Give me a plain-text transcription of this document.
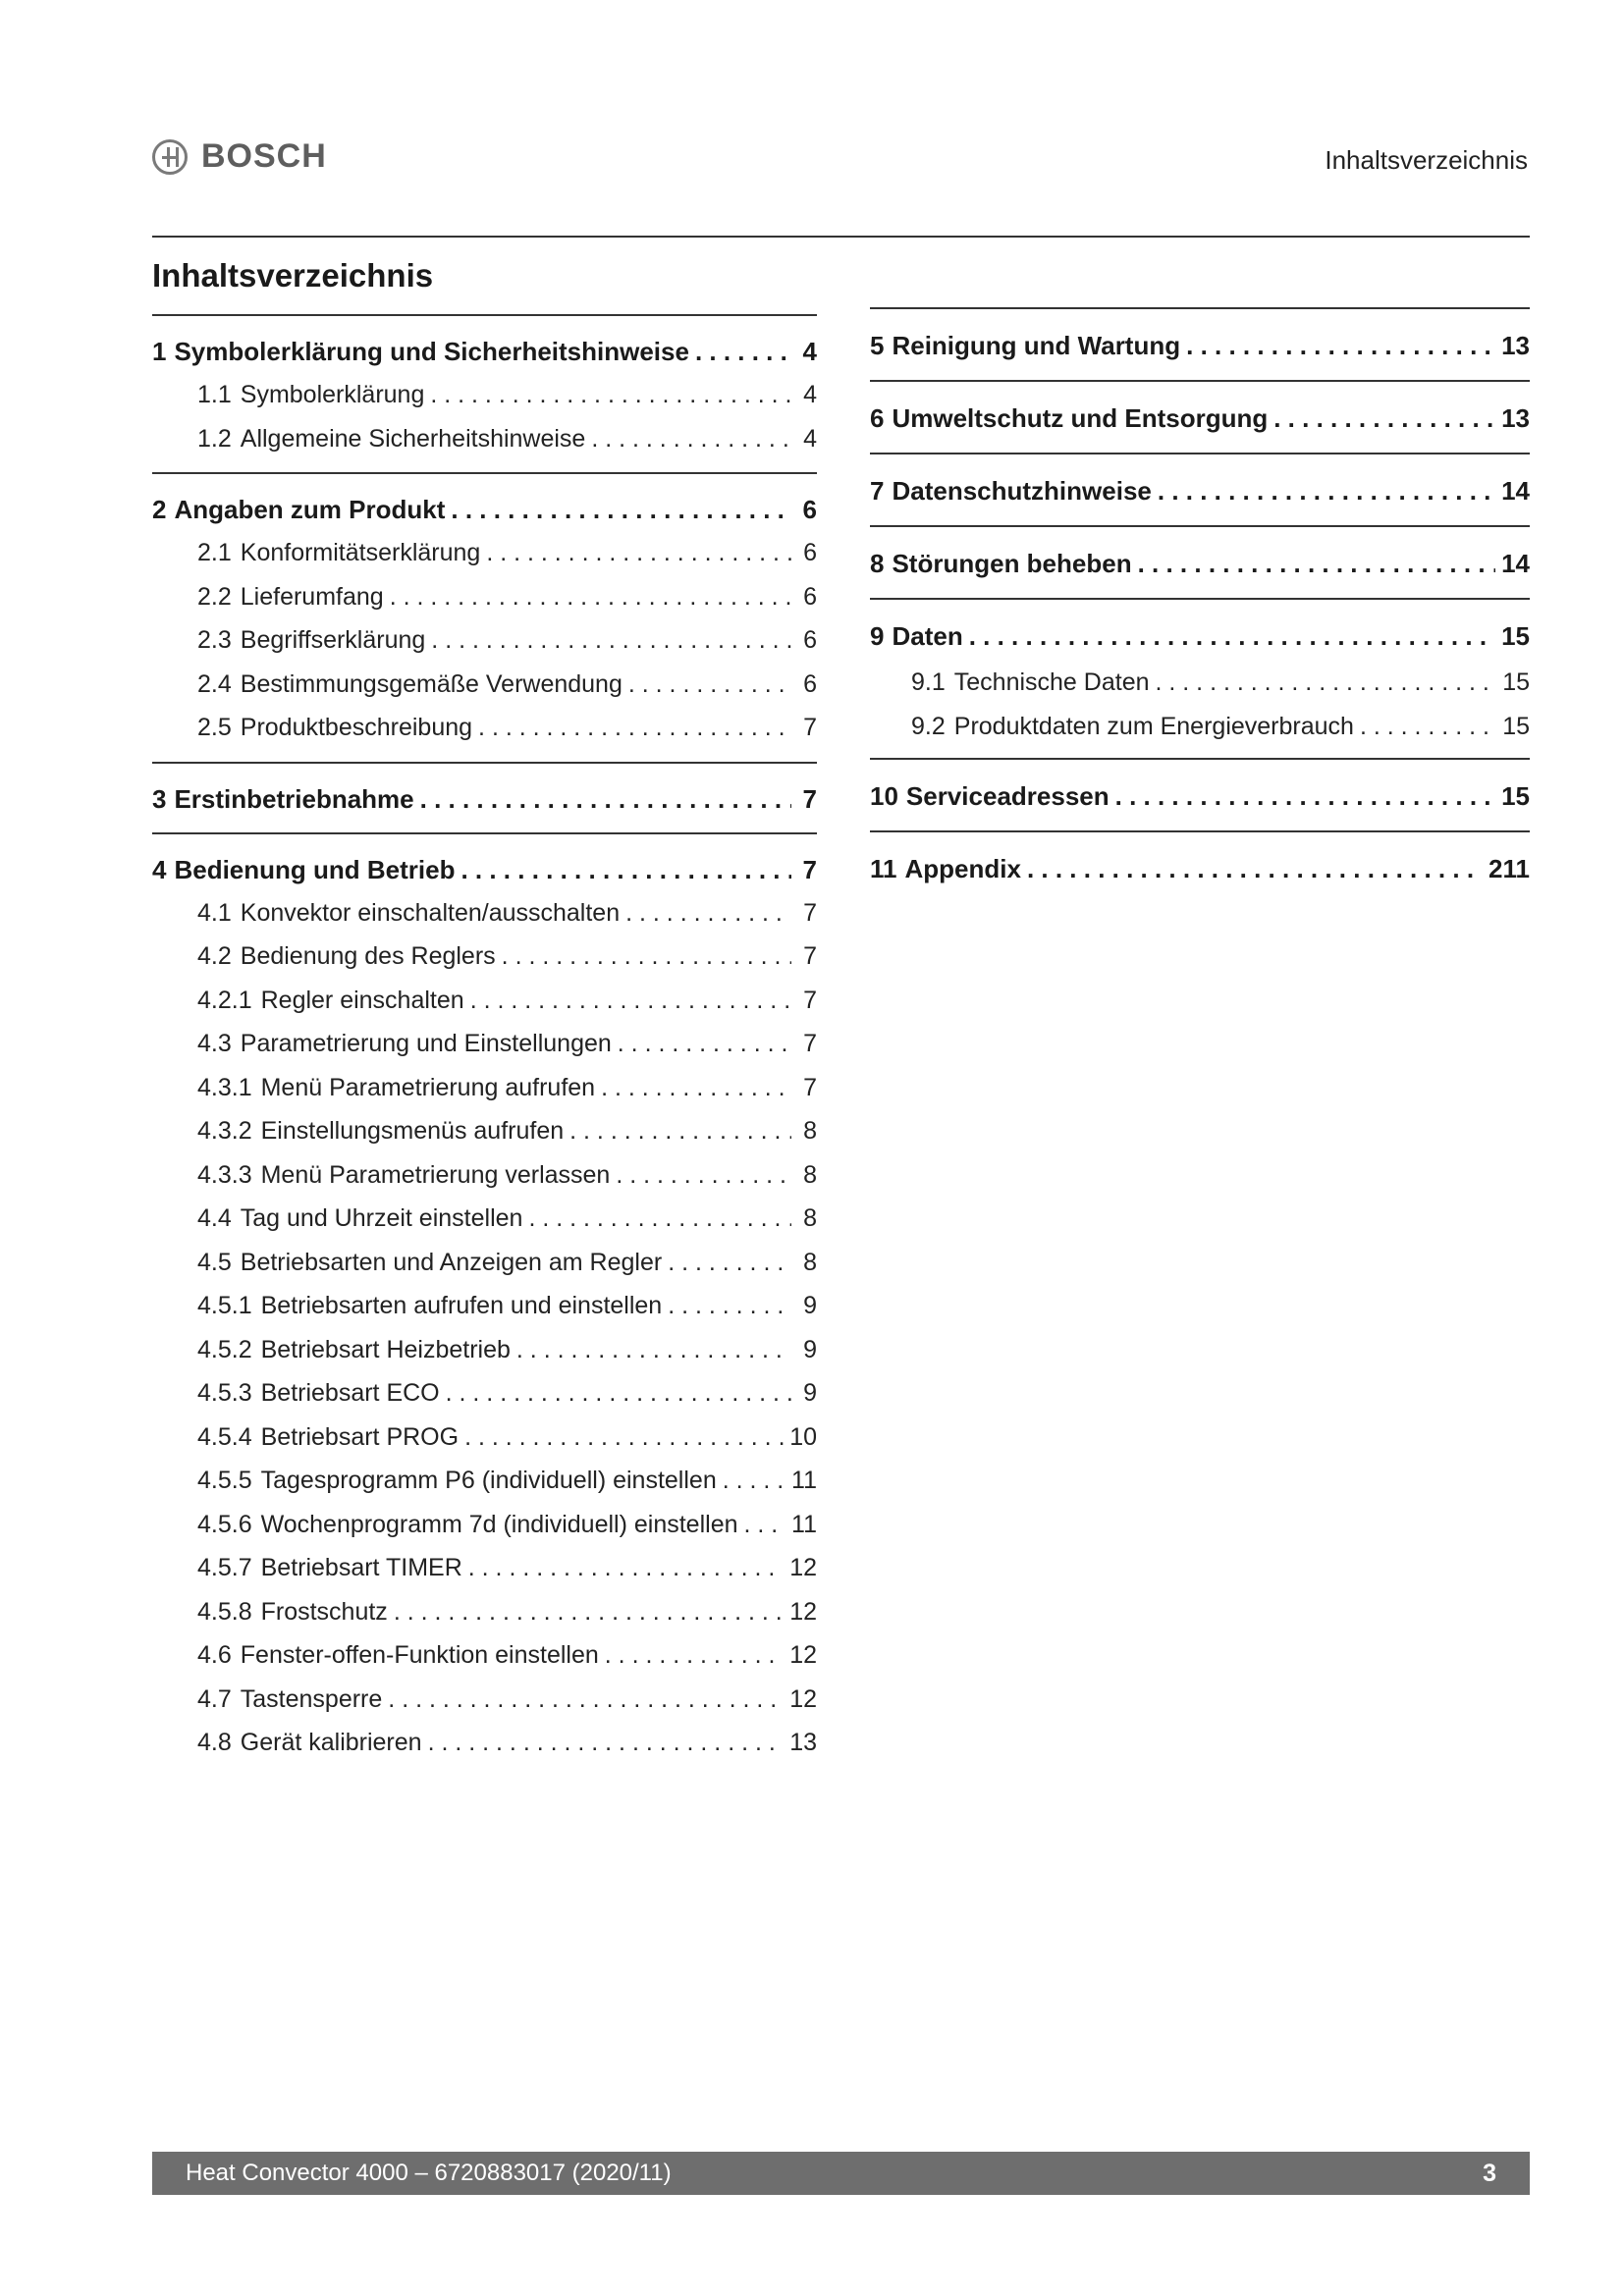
BOSCH	Inhaltsverzeichnis
Inhaltsverzeichnis
1 Symbolerklärung und Sicherheitshinweise . . .	4
1.1 Symbolerklärung . . .	4
1.2 Allgemeine Sicherheitshinweise . . .	4
2 Angaben zum Produkt . . .	6
2.1 Konformitätserklärung . . .	6
2.2 Lieferumfang . . .	6
2.3 Begriffserklärung . . .	6
2.4 Bestimmungsgemäße Verwendung . . .	6
2.5 Produktbeschreibung . . .	7
3 Erstinbetriebnahme . . .	7
4 Bedienung und Betrieb . . .	7
4.1 Konvektor einschalten/ausschalten . . .	7
4.2 Bedienung des Reglers . . .	7
4.2.1 Regler einschalten . . .	7
4.3 Parametrierung und Einstellungen . . .	7
4.3.1 Menü Parametrierung aufrufen . . .	7
4.3.2 Einstellungsmenüs aufrufen . . .	8
4.3.3 Menü Parametrierung verlassen . . .	8
4.4 Tag und Uhrzeit einstellen . . .	8
4.5 Betriebsarten und Anzeigen am Regler . . .	8
4.5.1 Betriebsarten aufrufen und einstellen . . .	9
4.5.2 Betriebsart Heizbetrieb . . .	9
4.5.3 Betriebsart ECO . . .	9
4.5.4 Betriebsart PROG . . .	10
4.5.5 Tagesprogramm P6 (individuell) einstellen . . .	11
4.5.6 Wochenprogramm 7d (individuell) einstellen . . . 11
4.5.7 Betriebsart TIMER . . .	12
4.5.8 Frostschutz . . .	12
4.6 Fenster-offen-Funktion einstellen . . .	12
4.7 Tastensperre . . .	12
4.8 Gerät kalibrieren . . .	13
5 Reinigung und Wartung . . .	13
6 Umweltschutz und Entsorgung . . .	13
7 Datenschutzhinweise . . .	14
8 Störungen beheben . . .	14
9 Daten . . .	15
9.1 Technische Daten . . .	15
9.2 Produktdaten zum Energieverbrauch . . .	15
10 Serviceadressen . . .	15
11 Appendix . . .	211
Heat Convector 4000 – 6720883017 (2020/11)	3
